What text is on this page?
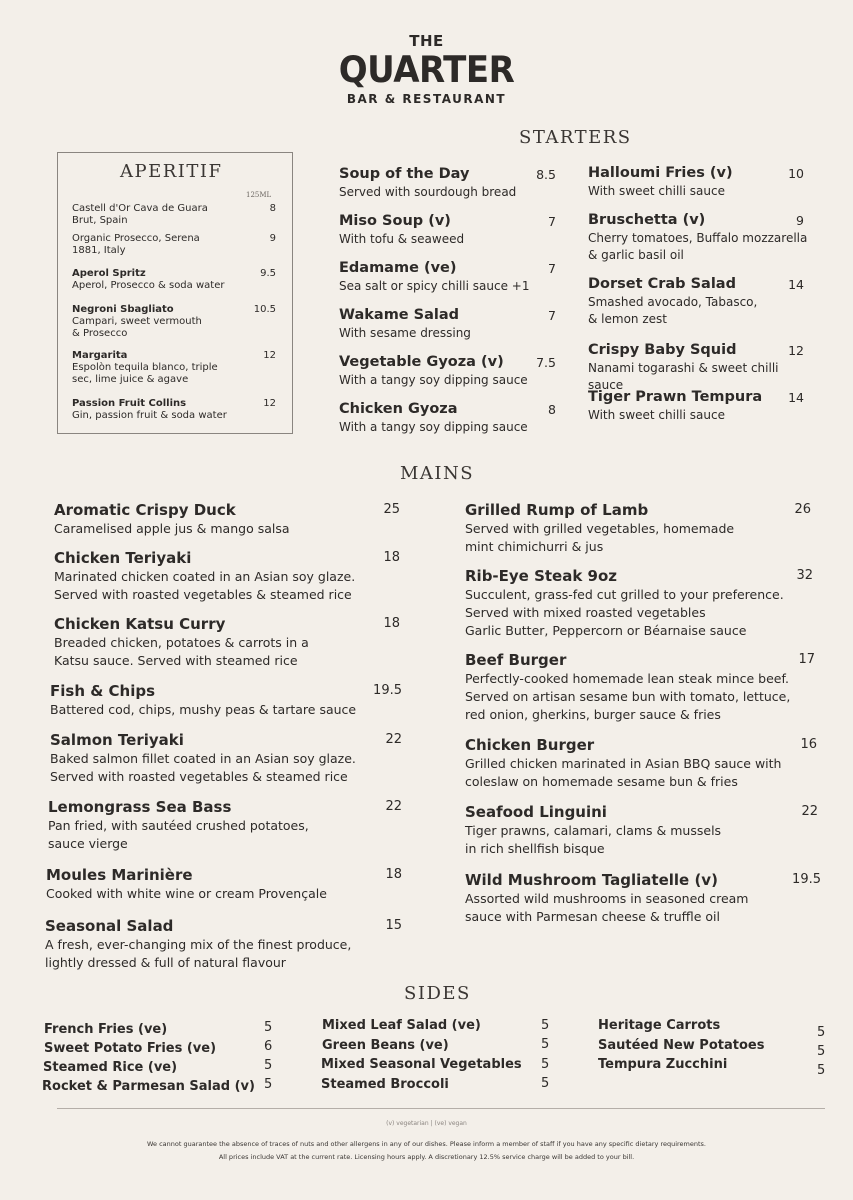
THE
QUARTER
BAR & RESTAURANT
APERITIF
125ML
Castell d'Or Cava de Guara
Brut, Spain
8
Organic Prosecco, Serena
1881, Italy
9
Aperol Spritz
Aperol, Prosecco & soda water
9.5
Negroni Sbagliato
Campari, sweet vermouth
& Prosecco
10.5
Margarita
Espolòn tequila blanco, triple
sec, lime juice & agave
12
Passion Fruit Collins
Gin, passion fruit & soda water
12
STARTERS
Soup of the Day
Served with sourdough bread
8.5
Miso Soup (v)
With tofu & seaweed
7
Edamame (ve)
Sea salt or spicy chilli sauce +1
7
Wakame Salad
With sesame dressing
7
Vegetable Gyoza (v)
With a tangy soy dipping sauce
7.5
Chicken Gyoza
With a tangy soy dipping sauce
8
Halloumi Fries (v)
With sweet chilli sauce
10
Bruschetta (v)
Cherry tomatoes, Buffalo mozzarella
& garlic basil oil
9
Dorset Crab Salad
Smashed avocado, Tabasco,
& lemon zest
14
Crispy Baby Squid
Nanami togarashi & sweet chilli sauce
12
Tiger Prawn Tempura
With sweet chilli sauce
14
MAINS
Aromatic Crispy Duck
Caramelised apple jus & mango salsa
25
Chicken Teriyaki
Marinated chicken coated in an Asian soy glaze.
Served with roasted vegetables & steamed rice
18
Chicken Katsu Curry
Breaded chicken, potatoes & carrots in a
Katsu sauce. Served with steamed rice
18
Fish & Chips
Battered cod, chips, mushy peas & tartare sauce
19.5
Salmon Teriyaki
Baked salmon fillet coated in an Asian soy glaze.
Served with roasted vegetables & steamed rice
22
Lemongrass Sea Bass
Pan fried, with sautéed crushed potatoes,
sauce vierge
22
Moules Marinière
Cooked with white wine or cream Provençale
18
Seasonal Salad
A fresh, ever-changing mix of the finest produce,
lightly dressed & full of natural flavour
15
Grilled Rump of Lamb
Served with grilled vegetables, homemade
mint chimichurri & jus
26
Rib-Eye Steak 9oz
Succulent, grass-fed cut grilled to your preference.
Served with mixed roasted vegetables
Garlic Butter, Peppercorn or Béarnaise sauce
32
Beef Burger
Perfectly-cooked homemade lean steak mince beef.
Served on artisan sesame bun with tomato, lettuce,
red onion, gherkins, burger sauce & fries
17
Chicken Burger
Grilled chicken marinated in Asian BBQ sauce with
coleslaw on homemade sesame bun & fries
16
Seafood Linguini
Tiger prawns, calamari, clams & mussels
in rich shellfish bisque
22
Wild Mushroom Tagliatelle (v)
Assorted wild mushrooms in seasoned cream
sauce with Parmesan cheese & truffle oil
19.5
SIDES
French Fries (ve)	5
Sweet Potato Fries (ve)	6
Steamed Rice (ve)	5
Rocket & Parmesan Salad (v) 5
Mixed Leaf Salad (ve)	5
Green Beans (ve)	5
Mixed Seasonal Vegetables 5
Steamed Broccoli	5
Heritage Carrots	5
Sautéed New Potatoes	5
Tempura Zucchini	5
(v) vegetarian | (ve) vegan
We cannot guarantee the absence of traces of nuts and other allergens in any of our dishes. Please inform a member of staff if you have any specific dietary requirements.
All prices include VAT at the current rate. Licensing hours apply. A discretionary 12.5% service charge will be added to your bill.
